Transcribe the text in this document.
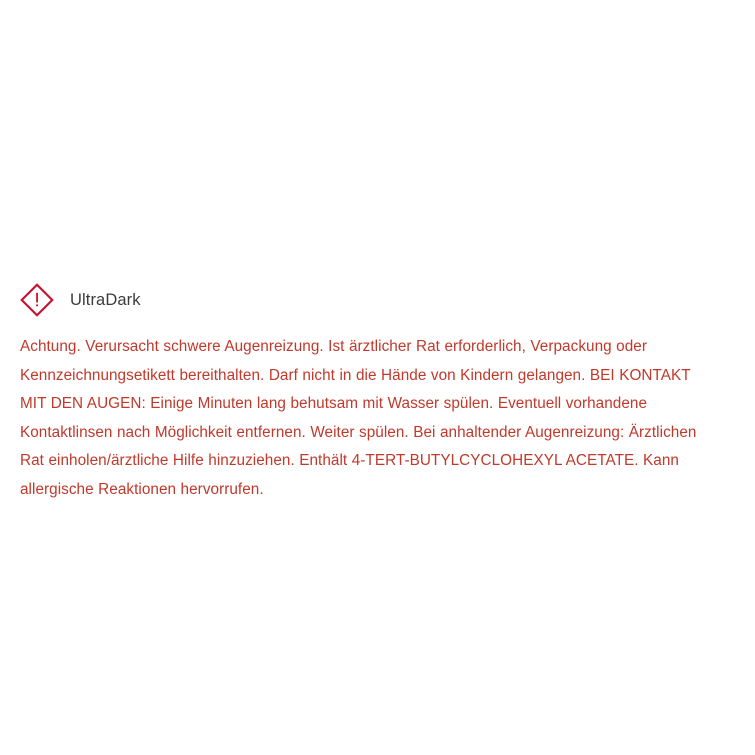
UltraDark

Achtung. Verursacht schwere Augenreizung. Ist ärztlicher Rat erforderlich, Verpackung oder Kennzeichnungsetikett bereithalten. Darf nicht in die Hände von Kindern gelangen. BEI KONTAKT MIT DEN AUGEN: Einige Minuten lang behutsam mit Wasser spülen. Eventuell vorhandene Kontaktlinsen nach Möglichkeit entfernen. Weiter spülen. Bei anhaltender Augenreizung: Ärztlichen Rat einholen/ärztliche Hilfe hinzuziehen. Enthält 4-TERT-BUTYLCYCLOHEXYL ACETATE. Kann allergische Reaktionen hervorrufen.
